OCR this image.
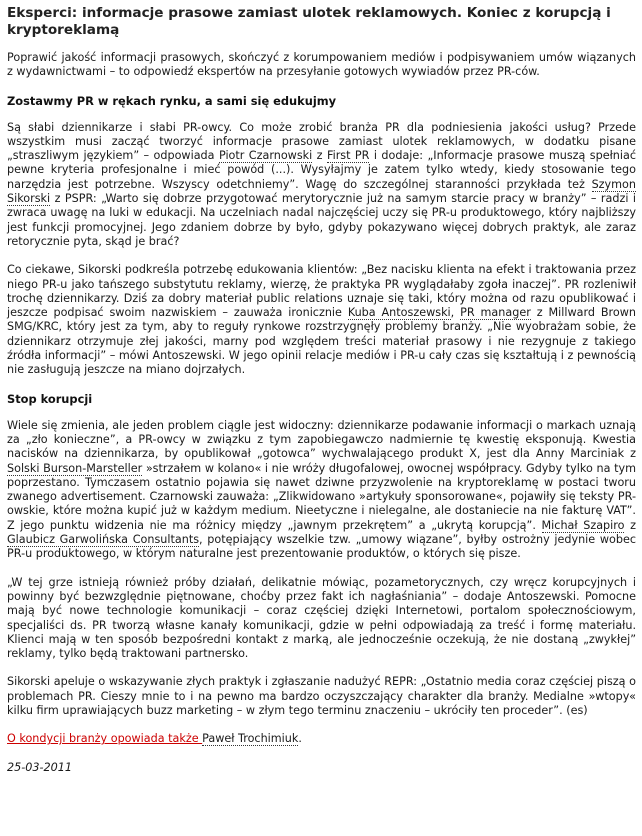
Eksperci: informacje prasowe zamiast ulotek reklamowych. Koniec z korupcją i kryptoreklamą

Poprawić jakość informacji prasowych, skończyć z korumpowaniem mediów i podpisywaniem umów wiązanych z wydawnictwami – to odpowiedź ekspertów na przesyłanie gotowych wywiadów przez PR-ców.

Zostawmy PR w rękach rynku, a sami się edukujmy

Są słabi dziennikarze i słabi PR-owcy. Co może zrobić branża PR dla podniesienia jakości usług? Przede wszystkim musi zacząć tworzyć informacje prasowe zamiast ulotek reklamowych, w dodatku pisane „straszliwym językiem” – odpowiada Piotr Czarnowski z First PR i dodaje: „Informacje prasowe muszą spełniać pewne kryteria profesjonalne i mieć powód (...). Wysyłajmy je zatem tylko wtedy, kiedy stosowanie tego narzędzia jest potrzebne. Wszyscy odetchniemy”. Wagę do szczególnej staranności przykłada też Szymon Sikorski z PSPR: „Warto się dobrze przygotować merytorycznie już na samym starcie pracy w branży” – radzi i zwraca uwagę na luki w edukacji. Na uczelniach nadal najczęściej uczy się PR-u produktowego, który najbliższy jest funkcji promocyjnej. Jego zdaniem dobrze by było, gdyby pokazywano więcej dobrych praktyk, ale zaraz retorycznie pyta, skąd je brać?

Co ciekawe, Sikorski podkreśla potrzebę edukowania klientów: „Bez nacisku klienta na efekt i traktowania przez niego PR-u jako tańszego substytutu reklamy, wierzę, że praktyka PR wyglądałaby zgoła inaczej”. PR rozleniwił trochę dziennikarzy. Dziś za dobry materiał public relations uznaje się taki, który można od razu opublikować i jeszcze podpisać swoim nazwiskiem – zauważa ironicznie Kuba Antoszewski, PR manager z Millward Brown SMG/KRC, który jest za tym, aby to reguły rynkowe rozstrzygnęły problemy branży. „Nie wyobrażam sobie, że dziennikarz otrzymuje złej jakości, marny pod względem treści materiał prasowy i nie rezygnuje z takiego źródła informacji” – mówi Antoszewski. W jego opinii relacje mediów i PR-u cały czas się kształtują i z pewnością nie zasługują jeszcze na miano dojrzałych.

Stop korupcji

Wiele się zmienia, ale jeden problem ciągle jest widoczny: dziennikarze podawanie informacji o markach uznają za „zło konieczne”, a PR-owcy w związku z tym zapobiegawczo nadmiernie tę kwestię eksponują. Kwestia nacisków na dziennikarza, by opublikował „gotowca” wychwalającego produkt X, jest dla Anny Marciniak z Solski Burson-Marsteller »strzałem w kolano« i nie wróży długofalowej, owocnej współpracy. Gdyby tylko na tym poprzestano. Tymczasem ostatnio pojawia się nawet dziwne przyzwolenie na kryptoreklamę w postaci tworu zwanego advertisement. Czarnowski zauważa: „Zlikwidowano »artykuły sponsorowane«, pojawiły się teksty PR-owskie, które można kupić już w każdym medium. Nieetyczne i nielegalne, ale dostaniecie na nie fakturę VAT”. Z jego punktu widzenia nie ma różnicy między „jawnym przekrętem” a „ukrytą korupcją”. Michał Szapiro z Glaubicz Garwolińska Consultants, potępiający wszelkie tzw. „umowy wiązane”, byłby ostrożny jedynie wobec PR-u produktowego, w którym naturalne jest prezentowanie produktów, o których się pisze.

„W tej grze istnieją również próby działań, delikatnie mówiąc, pozametorycznych, czy wręcz korupcyjnych i powinny być bezwzględnie piętnowane, choćby przez fakt ich nagłaśniania” – dodaje Antoszewski. Pomocne mają być nowe technologie komunikacji – coraz częściej dzięki Internetowi, portalom społecznościowym, specjaliści ds. PR tworzą własne kanały komunikacji, gdzie w pełni odpowiadają za treść i formę materiału. Klienci mają w ten sposób bezpośredni kontakt z marką, ale jednocześnie oczekują, że nie dostaną „zwykłej” reklamy, tylko będą traktowani partnersko.

Sikorski apeluje o wskazywanie złych praktyk i zgłaszanie nadużyć REPR: „Ostatnio media coraz częściej piszą o problemach PR. Cieszy mnie to i na pewno ma bardzo oczyszczający charakter dla branży. Medialne »wtopy« kilku firm uprawiających buzz marketing – w złym tego terminu znaczeniu – ukróciły ten proceder”. (es)

O kondycji branży opowiada także Paweł Trochimiuk.

25-03-2011
